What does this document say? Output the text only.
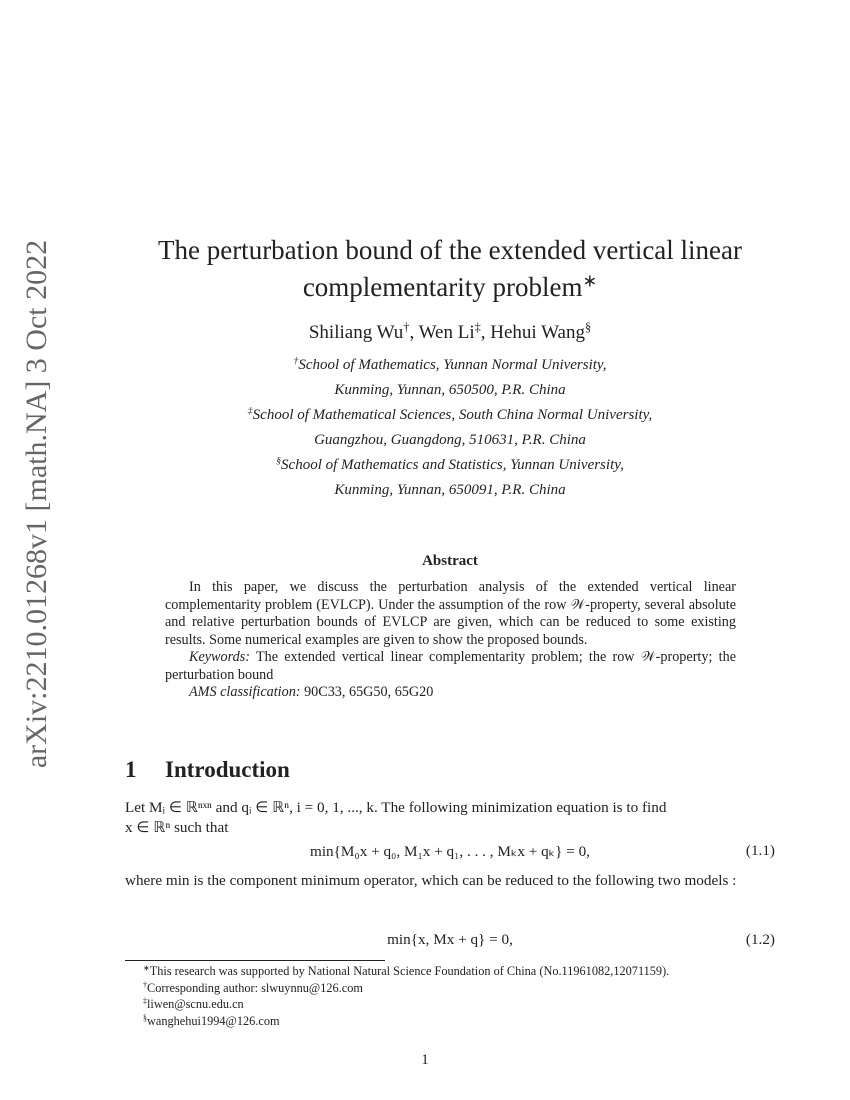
arXiv:2210.01268v1 [math.NA] 3 Oct 2022	The perturbation bound of the extended vertical linear
complementarity problem∗
Shiliang Wu†, Wen Li‡, Hehui Wang§
†School of Mathematics, Yunnan Normal University,
Kunming, Yunnan, 650500, P.R. China
‡School of Mathematical Sciences, South China Normal University,
Guangzhou, Guangdong, 510631, P.R. China
§School of Mathematics and Statistics, Yunnan University,
Kunming, Yunnan, 650091, P.R. China
Abstract

In this paper, we discuss the perturbation analysis of the extended vertical linear complementarity problem (EVLCP). Under the assumption of the row 𝒲-property, several absolute and relative perturbation bounds of EVLCP are given, which can be reduced to some existing results. Some numerical examples are given to show the proposed bounds.

Keywords: The extended vertical linear complementarity problem; the row 𝒲-property; the perturbation bound

AMS classification: 90C33, 65G50, 65G20

1 Introduction
Let Mᵢ ∈ ℝⁿˣⁿ and qᵢ ∈ ℝⁿ, i = 0, 1, ..., k. The following minimization equation is to find
x ∈ ℝⁿ such that
min{M₀x + q₀, M₁x + q₁, . . . , Mₖx + qₖ} = 0,	(1.1)
where min is the component minimum operator, which can be reduced to the following two models :
min{x, Mx + q} = 0,	(1.2)
∗This research was supported by National Natural Science Foundation of China (No.11961082,12071159).
†Corresponding author: slwuynnu@126.com
‡liwen@scnu.edu.cn
§wanghehui1994@126.com
1
